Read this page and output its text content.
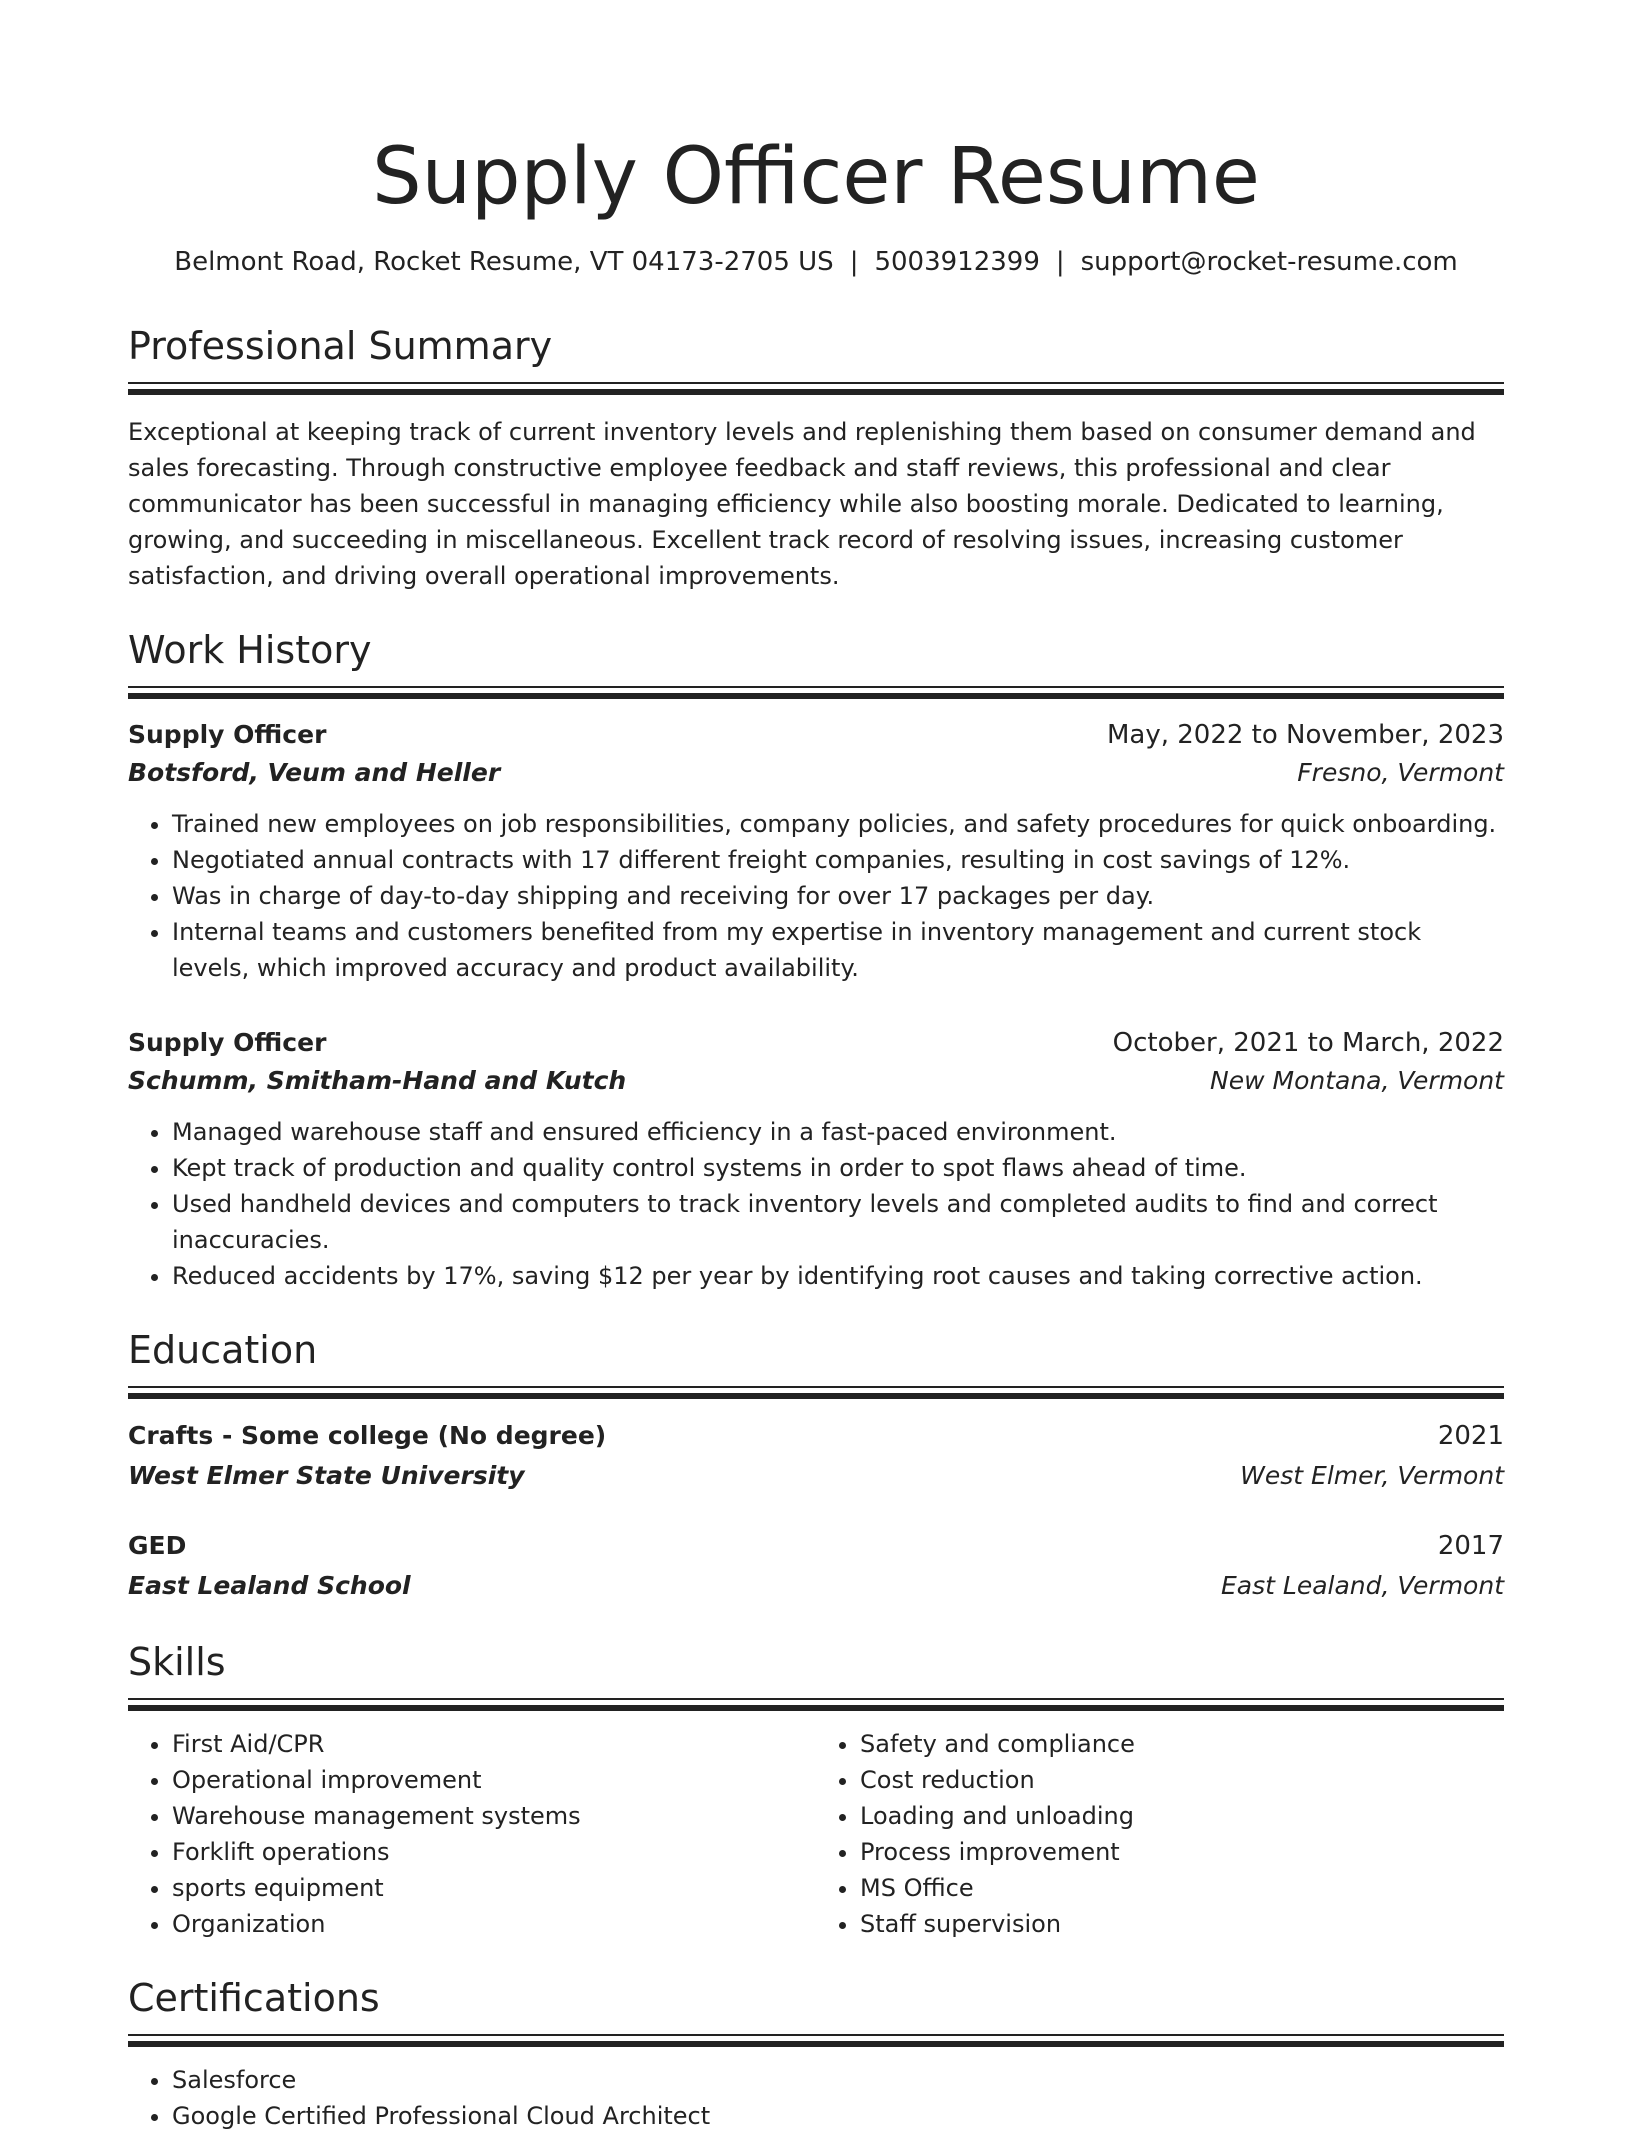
Supply Officer Resume
Belmont Road, Rocket Resume, VT 04173-2705 US | 5003912399 | support@rocket-resume.com
Professional Summary

Exceptional at keeping track of current inventory levels and replenishing them based on consumer demand and sales forecasting. Through constructive employee feedback and staff reviews, this professional and clear communicator has been successful in managing efficiency while also boosting morale. Dedicated to learning, growing, and succeeding in miscellaneous. Excellent track record of resolving issues, increasing customer satisfaction, and driving overall operational improvements.

Work History
Supply Officer	May, 2022 to November, 2023
Botsford, Veum and Heller	Fresno, Vermont
• Trained new employees on job responsibilities, company policies, and safety procedures for quick onboarding.
• Negotiated annual contracts with 17 different freight companies, resulting in cost savings of 12%.
• Was in charge of day-to-day shipping and receiving for over 17 packages per day.
• Internal teams and customers benefited from my expertise in inventory management and current stock levels, which improved accuracy and product availability.
Supply Officer	October, 2021 to March, 2022
Schumm, Smitham-Hand and Kutch	New Montana, Vermont
• Managed warehouse staff and ensured efficiency in a fast-paced environment.
• Kept track of production and quality control systems in order to spot flaws ahead of time.
• Used handheld devices and computers to track inventory levels and completed audits to find and correct inaccuracies.
• Reduced accidents by 17%, saving $12 per year by identifying root causes and taking corrective action.
Education
Crafts - Some college (No degree)	2021
West Elmer State University	West Elmer, Vermont
GED	2017
East Lealand School	East Lealand, Vermont
Skills
• First Aid/CPR
• Operational improvement
• Warehouse management systems
• Forklift operations
• sports equipment
• Organization
• Safety and compliance
• Cost reduction
• Loading and unloading
• Process improvement
• MS Office
• Staff supervision
Certifications
• Salesforce
• Google Certified Professional Cloud Architect
